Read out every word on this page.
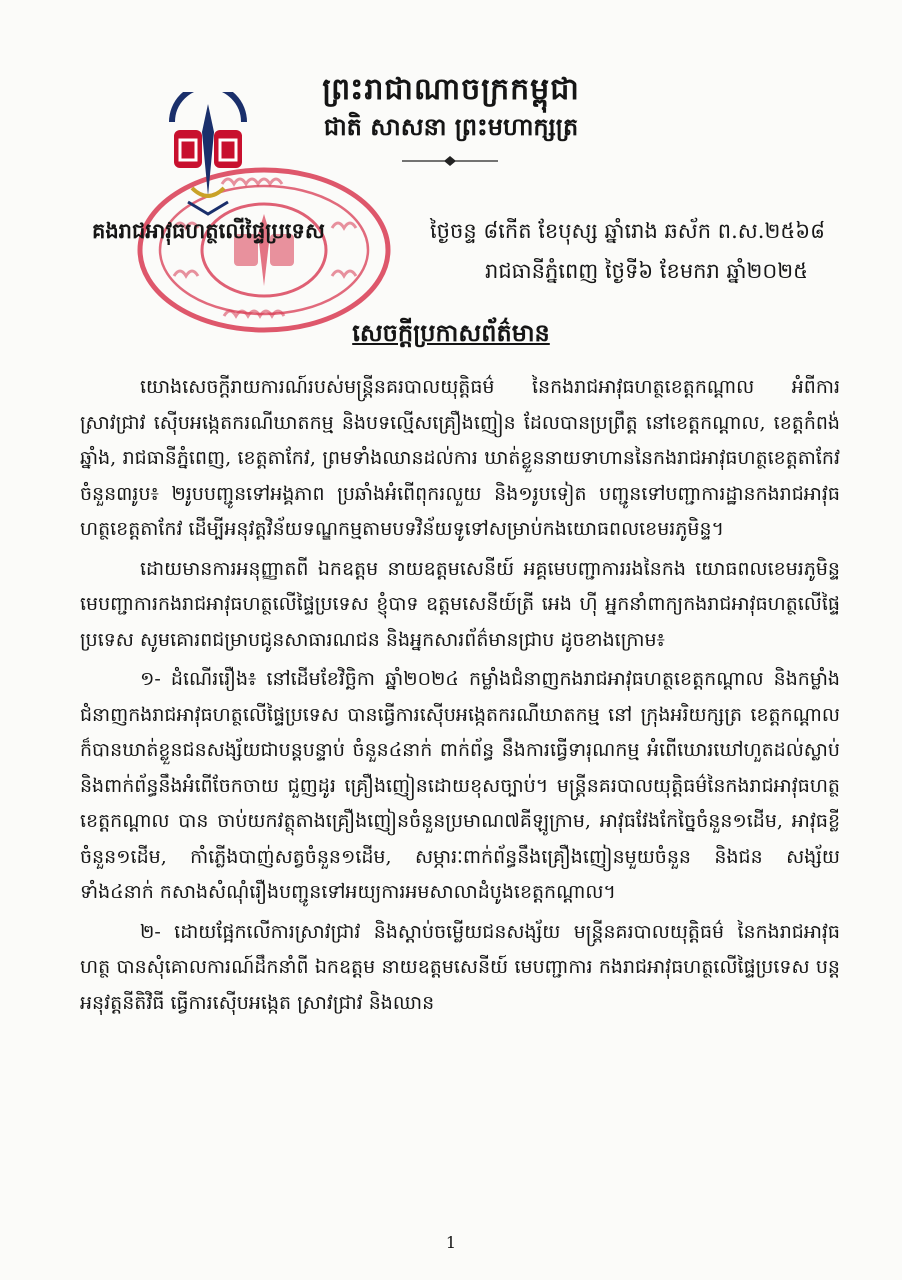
ព្រះរាជាណាចក្រកម្ពុជា
ជាតិ សាសនា ព្រះមហាក្សត្រ
គងរាជអាវុធហត្ថលើផ្ទៃប្រទេស	ថ្ងៃចន្ទ ៨កើត ខែបុស្ស ឆ្នាំរោង ឆស័ក ព.ស.២៥៦៨
រាជធានីភ្នំពេញ ថ្ងៃទី៦ ខែមករា ឆ្នាំ២០២៥
សេចក្តីប្រកាសព័ត៌មាន

យោងសេចក្តីរាយការណ៍របស់មន្ត្រីនគរបាលយុត្តិធម៌ នៃកងរាជអាវុធហត្ថខេត្តកណ្តាល អំពីការស្រាវជ្រាវ ស៊ើបអង្កេតករណីឃាតកម្ម និងបទល្មើសគ្រឿងញៀន ដែលបានប្រព្រឹត្ត នៅខេត្តកណ្តាល, ខេត្តកំពង់ឆ្នាំង, រាជធានីភ្នំពេញ, ខេត្តតាកែវ, ព្រមទាំងឈានដល់ការ ឃាត់ខ្លួននាយទាហាននៃកងរាជអាវុធហត្ថខេត្តតាកែវចំនួន៣រូប៖ ២រូបបញ្ជូនទៅអង្គភាព ប្រឆាំងអំពើពុករលួយ និង១រូបទៀត បញ្ជូនទៅបញ្ជាការដ្ឋានកងរាជអាវុធហត្ថខេត្តតាកែវ ដើម្បីអនុវត្តវិន័យទណ្ឌកម្មតាមបទវិន័យទូទៅសម្រាប់កងយោធពលខេមរភូមិន្ទ។

ដោយមានការអនុញ្ញាតពី ឯកឧត្តម នាយឧត្តមសេនីយ៍ អគ្គមេបញ្ជាការរងនៃកង យោធពលខេមរភូមិន្ទ មេបញ្ជាការកងរាជអាវុធហត្ថលើផ្ទៃប្រទេស ខ្ញុំបាទ ឧត្តមសេនីយ៍ត្រី អេង ហ៊ី អ្នកនាំពាក្យកងរាជអាវុធហត្ថលើផ្ទៃប្រទេស សូមគោរពជម្រាបជូនសាធារណជន និងអ្នកសារព័ត៌មានជ្រាប ដូចខាងក្រោម៖

១- ដំណើររឿង៖ នៅដើមខែវិច្ឆិកា ឆ្នាំ២០២៤ កម្លាំងជំនាញកងរាជអាវុធហត្ថខេត្តកណ្តាល និងកម្លាំងជំនាញកងរាជអាវុធហត្ថលើផ្ទៃប្រទេស បានធ្វើការស៊ើបអង្កេតករណីឃាតកម្ម នៅ ក្រុងអរិយក្សត្រ ខេត្តកណ្តាល ក៏បានឃាត់ខ្លួនជនសង្ស័យជាបន្តបន្ទាប់ ចំនួន៤នាក់ ពាក់ព័ន្ធ នឹងការធ្វើទារុណកម្ម អំពើឃោរឃៅហួតដល់ស្លាប់ និងពាក់ព័ន្ធនឹងអំពើចែកចាយ ជួញដូរ គ្រឿងញៀនដោយខុសច្បាប់។ មន្ត្រីនគរបាលយុត្តិធម៌នៃកងរាជអាវុធហត្ថខេត្តកណ្តាល បាន ចាប់យកវត្ថុតាងគ្រឿងញៀនចំនួនប្រមាណ៧គីឡូក្រាម, អាវុធវែងកែច្នៃចំនួន១ដើម, អាវុធខ្លី ចំនួន១ដើម, កាំភ្លើងបាញ់សត្វចំនួន១ដើម, សម្ភារៈពាក់ព័ន្ធនឹងគ្រឿងញៀនមួយចំនួន និងជន សង្ស័យទាំង៤នាក់ កសាងសំណុំរឿងបញ្ជូនទៅអយ្យការអមសាលាដំបូងខេត្តកណ្តាល។

២- ដោយផ្អែកលើការស្រាវជ្រាវ និងស្តាប់ចម្លើយជនសង្ស័យ មន្ត្រីនគរបាលយុត្តិធម៌ នៃកងរាជអាវុធហត្ថ បានសុំគោលការណ៍ដឹកនាំពី ឯកឧត្តម នាយឧត្តមសេនីយ៍ មេបញ្ជាការ កងរាជអាវុធហត្ថលើផ្ទៃប្រទេស បន្តអនុវត្តនីតិវិធី ធ្វើការស៊ើបអង្កេត ស្រាវជ្រាវ និងឈាន

1
